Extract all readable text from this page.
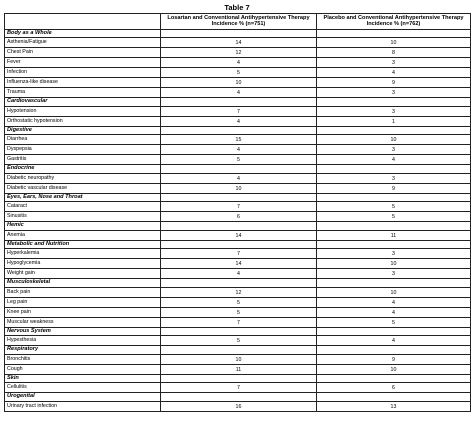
Table 7
	Losartan and Conventional Antihypertensive Therapy Incidence % (n=751)	Placebo and Conventional Antihypertensive Therapy Incidence % (n=762)
Body as a Whole		
Asthenia/Fatigue	14	10
Chest Pain	12	8
Fever	4	3
Infection	5	4
Influenza-like disease	10	9
Trauma	4	3
Cardiovascular		
Hypotension	7	3
Orthostatic hypotension	4	1
Digestive		
Diarrhea	15	10
Dyspepsia	4	3
Gastritis	5	4
Endocrine		
Diabetic neuropathy	4	3
Diabetic vascular disease	10	9
Eyes, Ears, Nose and Throat		
Cataract	7	5
Sinusitis	6	5
Hemic		
Anemia	14	11
Metabolic and Nutrition		
Hyperkalemia	7	3
Hypoglycemia	14	10
Weight gain	4	3
Musculoskeletal		
Back pain	12	10
Leg pain	5	4
Knee pain	5	4
Muscular weakness	7	5
Nervous System		
Hypesthesia	5	4
Respiratory		
Bronchitis	10	9
Cough	11	10
Skin		
Cellulitis	7	6
Urogenital		
Urinary tract infection	16	13
